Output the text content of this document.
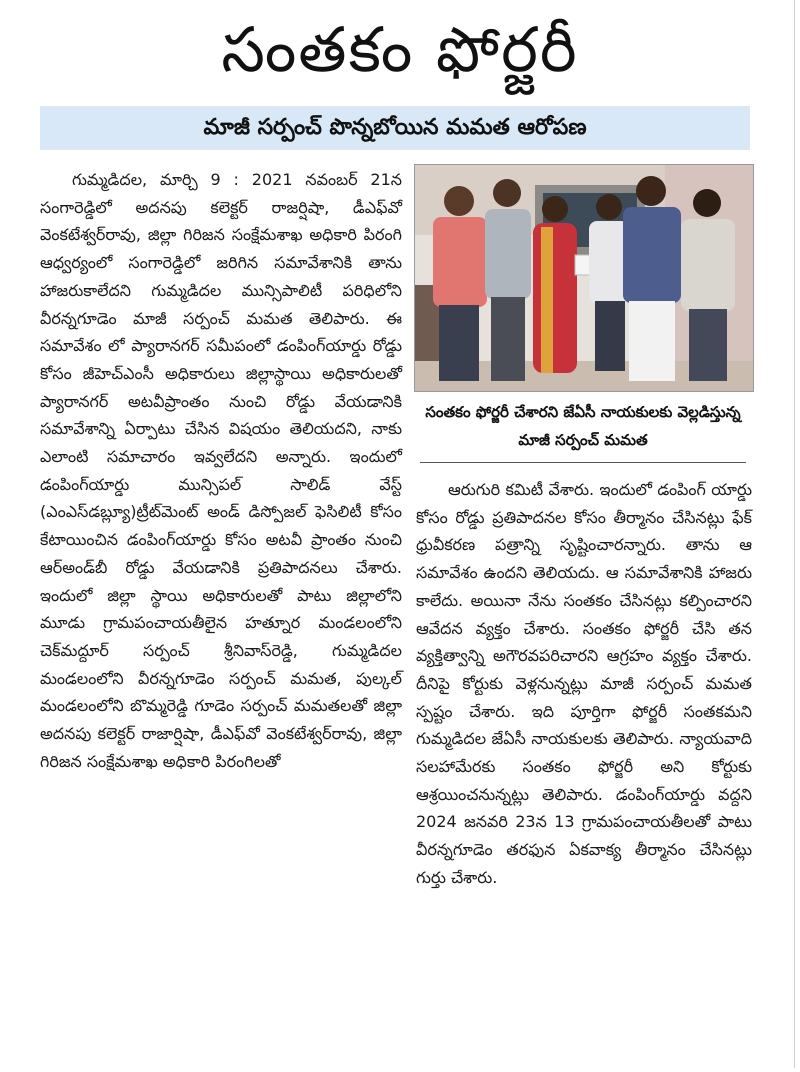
సంతకం ఫోర్జరీ
మాజీ సర్పంచ్ పొన్నబోయిన మమత ఆరోపణ

గుమ్మడిదల, మార్చి 9 : 2021 నవంబర్ 21న సంగారెడ్డిలో అదనపు కలెక్టర్ రాజర్షిషా, డీఎఫ్‌వో వెంకటేశ్వర్‌రావు, జిల్లా గిరిజన సంక్షేమశాఖ అధికారి పిరంగి ఆధ్వర్యంలో సంగారెడ్డిలో జరిగిన సమావేశానికి తాను హాజరుకాలేదని గుమ్మడిదల మున్సిపాలిటీ పరిధిలోని వీరన్నగూడెం మాజీ సర్పంచ్ మమత తెలిపారు. ఈ సమావేశం లో ప్యారానగర్ సమీపంలో డంపింగ్‌యార్డు రోడ్డు కోసం జీహెచ్‌ఎంసీ అధికారులు జిల్లాస్థాయి అధికారులతో ప్యారానగర్ అటవీప్రాంతం నుంచి రోడ్డు వేయడానికి సమావేశాన్ని ఏర్పాటు చేసిన విషయం తెలియదని, నాకు ఎలాంటి సమాచారం ఇవ్వలేదని అన్నారు. ఇందులో డంపింగ్‌యార్డు మున్సిపల్ సాలిడ్ వేస్ట్ (ఎంఎస్‌డబ్ల్యూ)ట్రీట్‌మెంట్ అండ్ డిస్పోజల్ ఫెసిలిటీ కోసం కేటాయించిన డంపింగ్‌యార్డు కోసం అటవీ ప్రాంతం నుంచి ఆర్‌అండ్‌బీ రోడ్డు వేయడానికి ప్రతిపాదనలు చేశారు. ఇందులో జిల్లా స్థాయి అధికారులతో పాటు జిల్లాలోని మూడు గ్రామపంచాయతీలైన హత్నూర మండలంలోని చెక్‌మద్దూర్ సర్పంచ్ శ్రీనివాస్‌రెడ్డి, గుమ్మడిదల మండలంలోని వీరన్నగూడెం సర్పంచ్ మమత, పుల్కల్ మండలంలోని బొమ్మరెడ్డి గూడెం సర్పంచ్ మమతలతో జిల్లా అదనపు కలెక్టర్ రాజార్షిషా, డీఎఫ్‌వో వెంకటేశ్వర్‌రావు, జిల్లా గిరిజన సంక్షేమశాఖ అధికారి పిరంగిలతో

సంతకం ఫోర్జరీ చేశారని జేఏసీ నాయకులకు వెల్లడిస్తున్న మాజీ సర్పంచ్ మమత

ఆరుగురి కమిటీ వేశారు. ఇందులో డంపింగ్ యార్డు కోసం రోడ్డు ప్రతిపాదనల కోసం తీర్మానం చేసినట్లు ఫేక్ ధ్రువీకరణ పత్రాన్ని సృష్టించారన్నారు. తాను ఆ సమావేశం ఉందని తెలియదు. ఆ సమావేశానికి హాజరు కాలేదు. అయినా నేను సంతకం చేసినట్లు కల్పించారని ఆవేదన వ్యక్తం చేశారు. సంతకం ఫోర్జరీ చేసి తన వ్యక్తిత్వాన్ని అగౌరవపరిచారని ఆగ్రహం వ్యక్తం చేశారు. దీనిపై కోర్టుకు వెళ్లనున్నట్లు మాజీ సర్పంచ్ మమత స్పష్టం చేశారు. ఇది పూర్తిగా ఫోర్జరీ సంతకమని గుమ్మడిదల జేఏసీ నాయకులకు తెలిపారు. న్యాయవాది సలహామేరకు సంతకం ఫోర్జరీ అని కోర్టుకు ఆశ్రయించనున్నట్లు తెలిపారు. డంపింగ్‌యార్డు వద్దని 2024 జనవరి 23న 13 గ్రామపంచాయతీలతో పాటు వీరన్నగూడెం తరఫున ఏకవాక్య తీర్మానం చేసినట్లు గుర్తు చేశారు.
